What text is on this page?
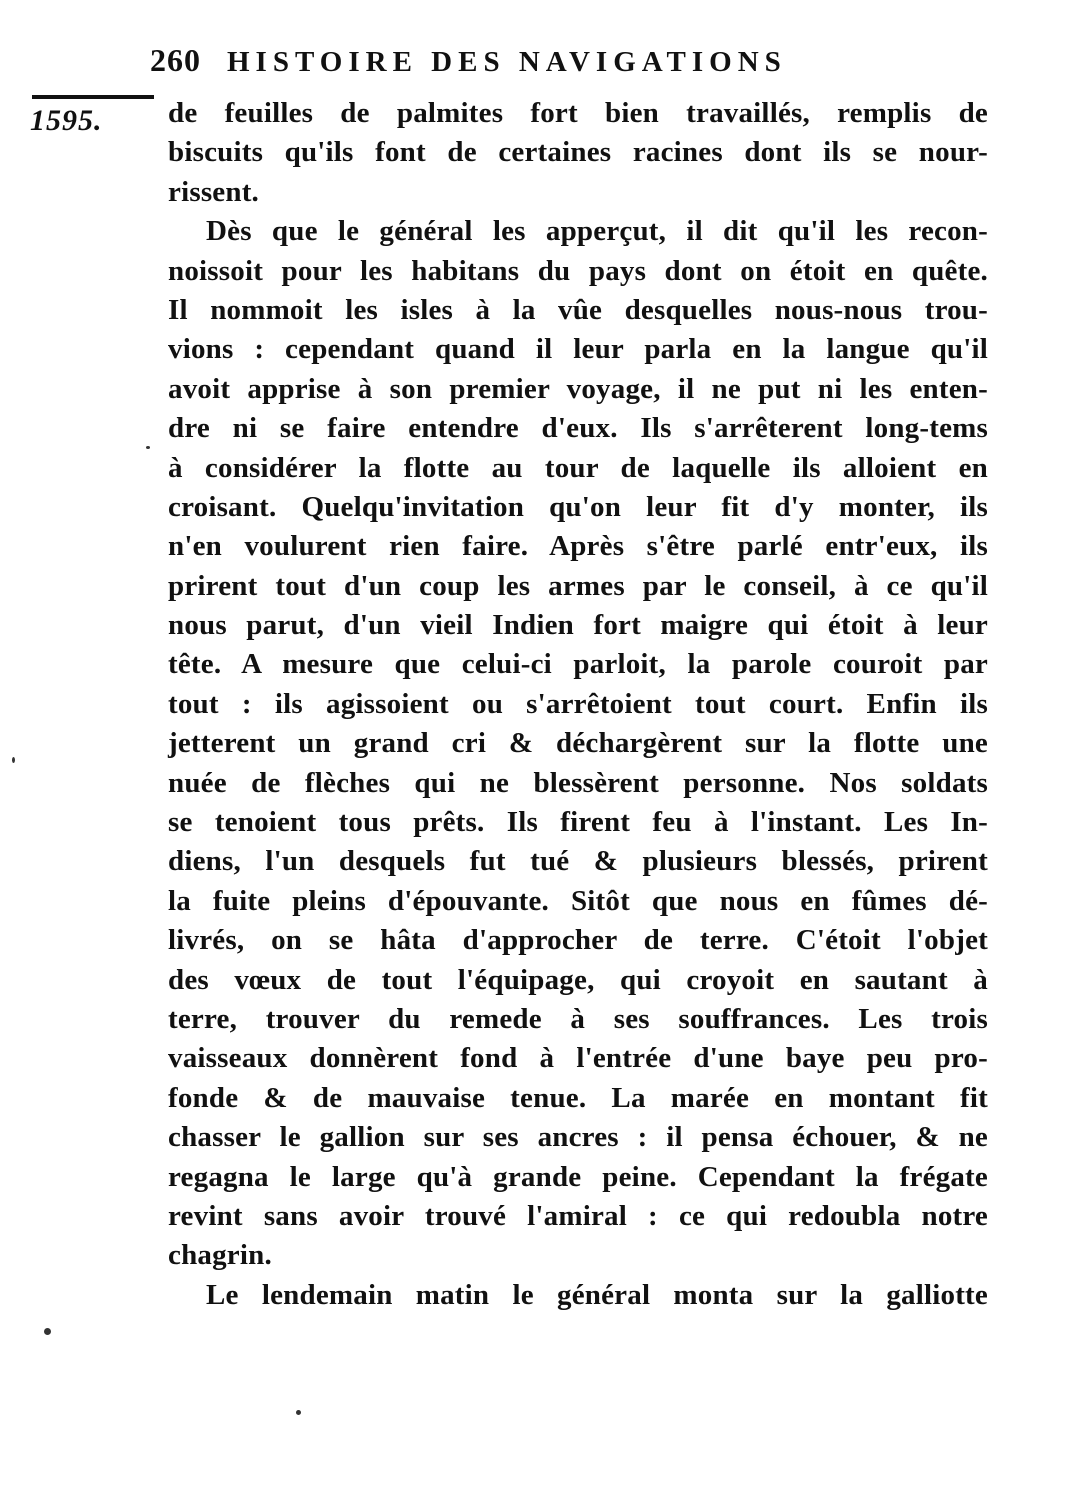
260 HISTOIRE DES NAVIGATIONS
1595. de feuilles de palmites fort bien travaillés, remplis de
biscuits qu'ils font de certaines racines dont ils se nour-
rissent.
Dès que le général les apperçut, il dit qu'il les recon-
noissoit pour les habitans du pays dont on étoit en quête.
Il nommoit les isles à la vûe desquelles nous-nous trou-
vions : cependant quand il leur parla en la langue qu'il
avoit apprise à son premier voyage, il ne put ni les enten-
dre ni se faire entendre d'eux. Ils s'arrêterent long-tems
à considérer la flotte au tour de laquelle ils alloient en
croisant. Quelqu'invitation qu'on leur fit d'y monter, ils
n'en voulurent rien faire. Après s'être parlé entr'eux, ils
prirent tout d'un coup les armes par le conseil, à ce qu'il
nous parut, d'un vieil Indien fort maigre qui étoit à leur
tête. A mesure que celui-ci parloit, la parole couroit par
tout : ils agissoient ou s'arrêtoient tout court. Enfin ils
jetterent un grand cri & déchargèrent sur la flotte une
nuée de flèches qui ne blessèrent personne. Nos soldats
se tenoient tous prêts. Ils firent feu à l'instant. Les In-
diens, l'un desquels fut tué & plusieurs blessés, prirent
la fuite pleins d'épouvante. Sitôt que nous en fûmes dé-
livrés, on se hâta d'approcher de terre. C'étoit l'objet
des vœux de tout l'équipage, qui croyoit en sautant à
terre, trouver du remede à ses souffrances. Les trois
vaisseaux donnèrent fond à l'entrée d'une baye peu pro-
fonde & de mauvaise tenue. La marée en montant fit
chasser le gallion sur ses ancres : il pensa échouer, & ne
regagna le large qu'à grande peine. Cependant la frégate
revint sans avoir trouvé l'amiral : ce qui redoubla notre
chagrin.
Le lendemain matin le général monta sur la galliotte
